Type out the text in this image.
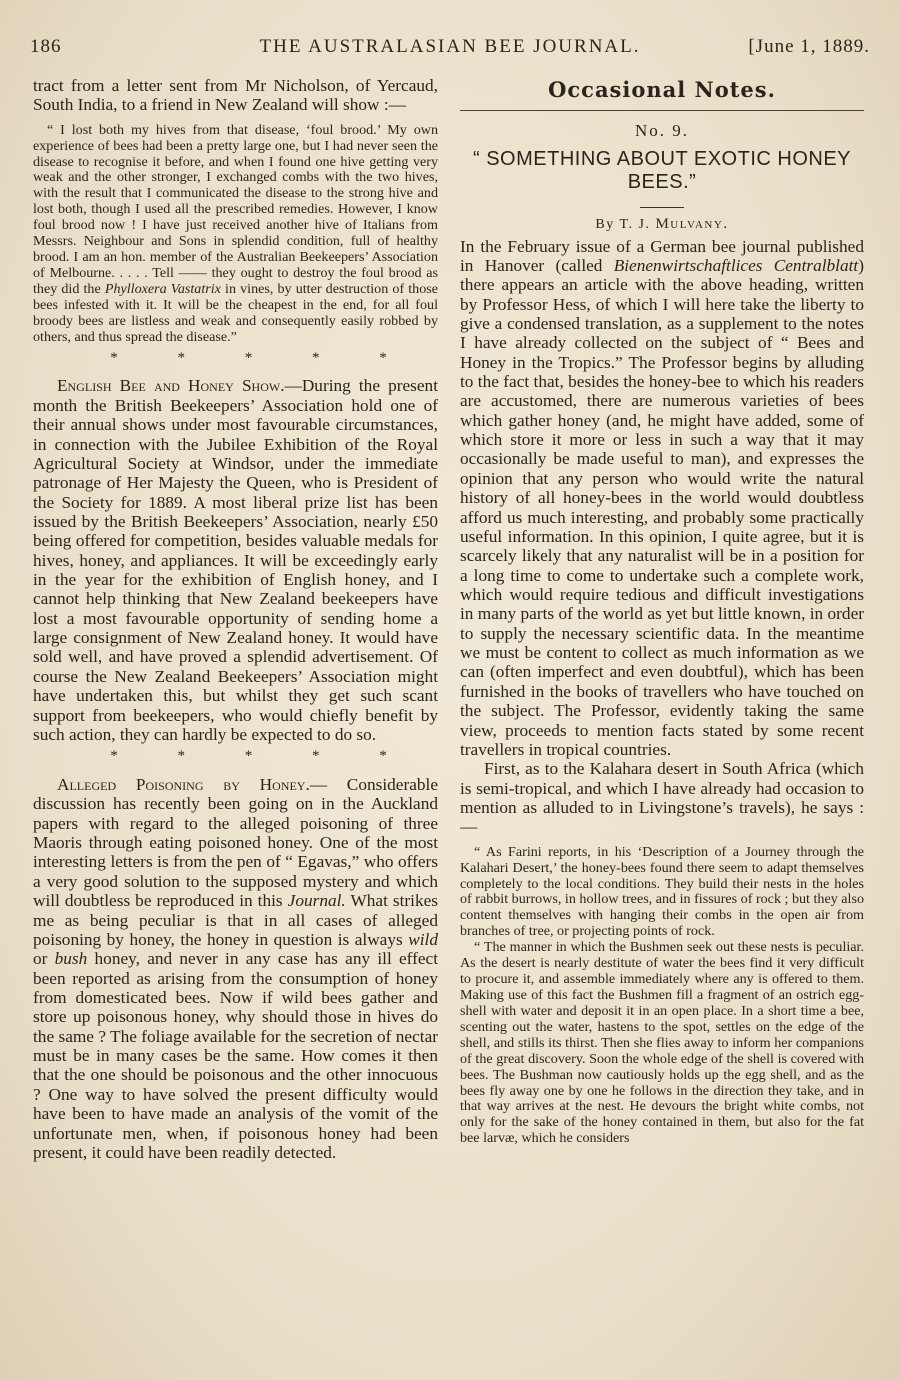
186	THE AUSTRALASIAN BEE JOURNAL.	[June 1, 1889.

tract from a letter sent from Mr Nicholson, of Yercaud, South India, to a friend in New Zealand will show :—

“ I lost both my hives from that disease, ‘foul brood.’ My own experience of bees had been a pretty large one, but I had never seen the disease to recognise it before, and when I found one hive getting very weak and the other stronger, I exchanged combs with the two hives, with the result that I communicated the disease to the strong hive and lost both, though I used all the prescribed remedies. However, I know foul brood now ! I have just received another hive of Italians from Messrs. Neighbour and Sons in splendid condition, full of healthy brood. I am an hon. member of the Australian Beekeepers’ Association of Melbourne. . . . . Tell —— they ought to destroy the foul brood as they did the Phylloxera Vastatrix in vines, by utter destruction of those bees infested with it. It will be the cheapest in the end, for all foul broody bees are listless and weak and consequently easily robbed by others, and thus spread the disease.”

* * * * *

English Bee and Honey Show.—During the present month the British Beekeepers’ Association hold one of their annual shows under most favourable circumstances, in connection with the Jubilee Exhibition of the Royal Agricultural Society at Windsor, under the immediate patronage of Her Majesty the Queen, who is President of the Society for 1889. A most liberal prize list has been issued by the British Beekeepers’ Association, nearly £50 being offered for competition, besides valuable medals for hives, honey, and appliances. It will be exceedingly early in the year for the exhibition of English honey, and I cannot help thinking that New Zealand beekeepers have lost a most favourable opportunity of sending home a large consignment of New Zealand honey. It would have sold well, and have proved a splendid advertisement. Of course the New Zealand Beekeepers’ Association might have undertaken this, but whilst they get such scant support from beekeepers, who would chiefly benefit by such action, they can hardly be expected to do so.

* * * * *

Alleged Poisoning by Honey.— Considerable discussion has recently been going on in the Auckland papers with regard to the alleged poisoning of three Maoris through eating poisoned honey. One of the most interesting letters is from the pen of “ Egavas,” who offers a very good solution to the supposed mystery and which will doubtless be reproduced in this Journal. What strikes me as being peculiar is that in all cases of alleged poisoning by honey, the honey in question is always wild or bush honey, and never in any case has any ill effect been reported as arising from the consumption of honey from domesticated bees. Now if wild bees gather and store up poisonous honey, why should those in hives do the same ? The foliage available for the secretion of nectar must be in many cases be the same. How comes it then that the one should be poisonous and the other innocuous ? One way to have solved the present difficulty would have been to have made an analysis of the vomit of the unfortunate men, when, if poisonous honey had been present, it could have been readily detected.

Occasional Notes.
No. 9.
“ SOMETHING ABOUT EXOTIC HONEY BEES.”
By T. J. Mulvany.

In the February issue of a German bee journal published in Hanover (called Bienenwirtschaftlices Centralblatt) there appears an article with the above heading, written by Professor Hess, of which I will here take the liberty to give a condensed translation, as a supplement to the notes I have already collected on the subject of “ Bees and Honey in the Tropics.” The Professor begins by alluding to the fact that, besides the honey-bee to which his readers are accustomed, there are numerous varieties of bees which gather honey (and, he might have added, some of which store it more or less in such a way that it may occasionally be made useful to man), and expresses the opinion that any person who would write the natural history of all honey-bees in the world would doubtless afford us much interesting, and probably some practically useful information. In this opinion, I quite agree, but it is scarcely likely that any naturalist will be in a position for a long time to come to undertake such a complete work, which would require tedious and difficult investigations in many parts of the world as yet but little known, in order to supply the necessary scientific data. In the meantime we must be content to collect as much information as we can (often imperfect and even doubtful), which has been furnished in the books of travellers who have touched on the subject. The Professor, evidently taking the same view, proceeds to mention facts stated by some recent travellers in tropical countries.

First, as to the Kalahara desert in South Africa (which is semi-tropical, and which I have already had occasion to mention as alluded to in Livingstone’s travels), he says :—

“ As Farini reports, in his ‘Description of a Journey through the Kalahari Desert,’ the honey-bees found there seem to adapt themselves completely to the local conditions. They build their nests in the holes of rabbit burrows, in hollow trees, and in fissures of rock ; but they also content themselves with hanging their combs in the open air from branches of tree, or projecting points of rock.

“ The manner in which the Bushmen seek out these nests is peculiar. As the desert is nearly destitute of water the bees find it very difficult to procure it, and assemble immediately where any is offered to them. Making use of this fact the Bushmen fill a fragment of an ostrich egg-shell with water and deposit it in an open place. In a short time a bee, scenting out the water, hastens to the spot, settles on the edge of the shell, and stills its thirst. Then she flies away to inform her companions of the great discovery. Soon the whole edge of the shell is covered with bees. The Bushman now cautiously holds up the egg shell, and as the bees fly away one by one he follows in the direction they take, and in that way arrives at the nest. He devours the bright white combs, not only for the sake of the honey contained in them, but also for the fat bee larvæ, which he considers
